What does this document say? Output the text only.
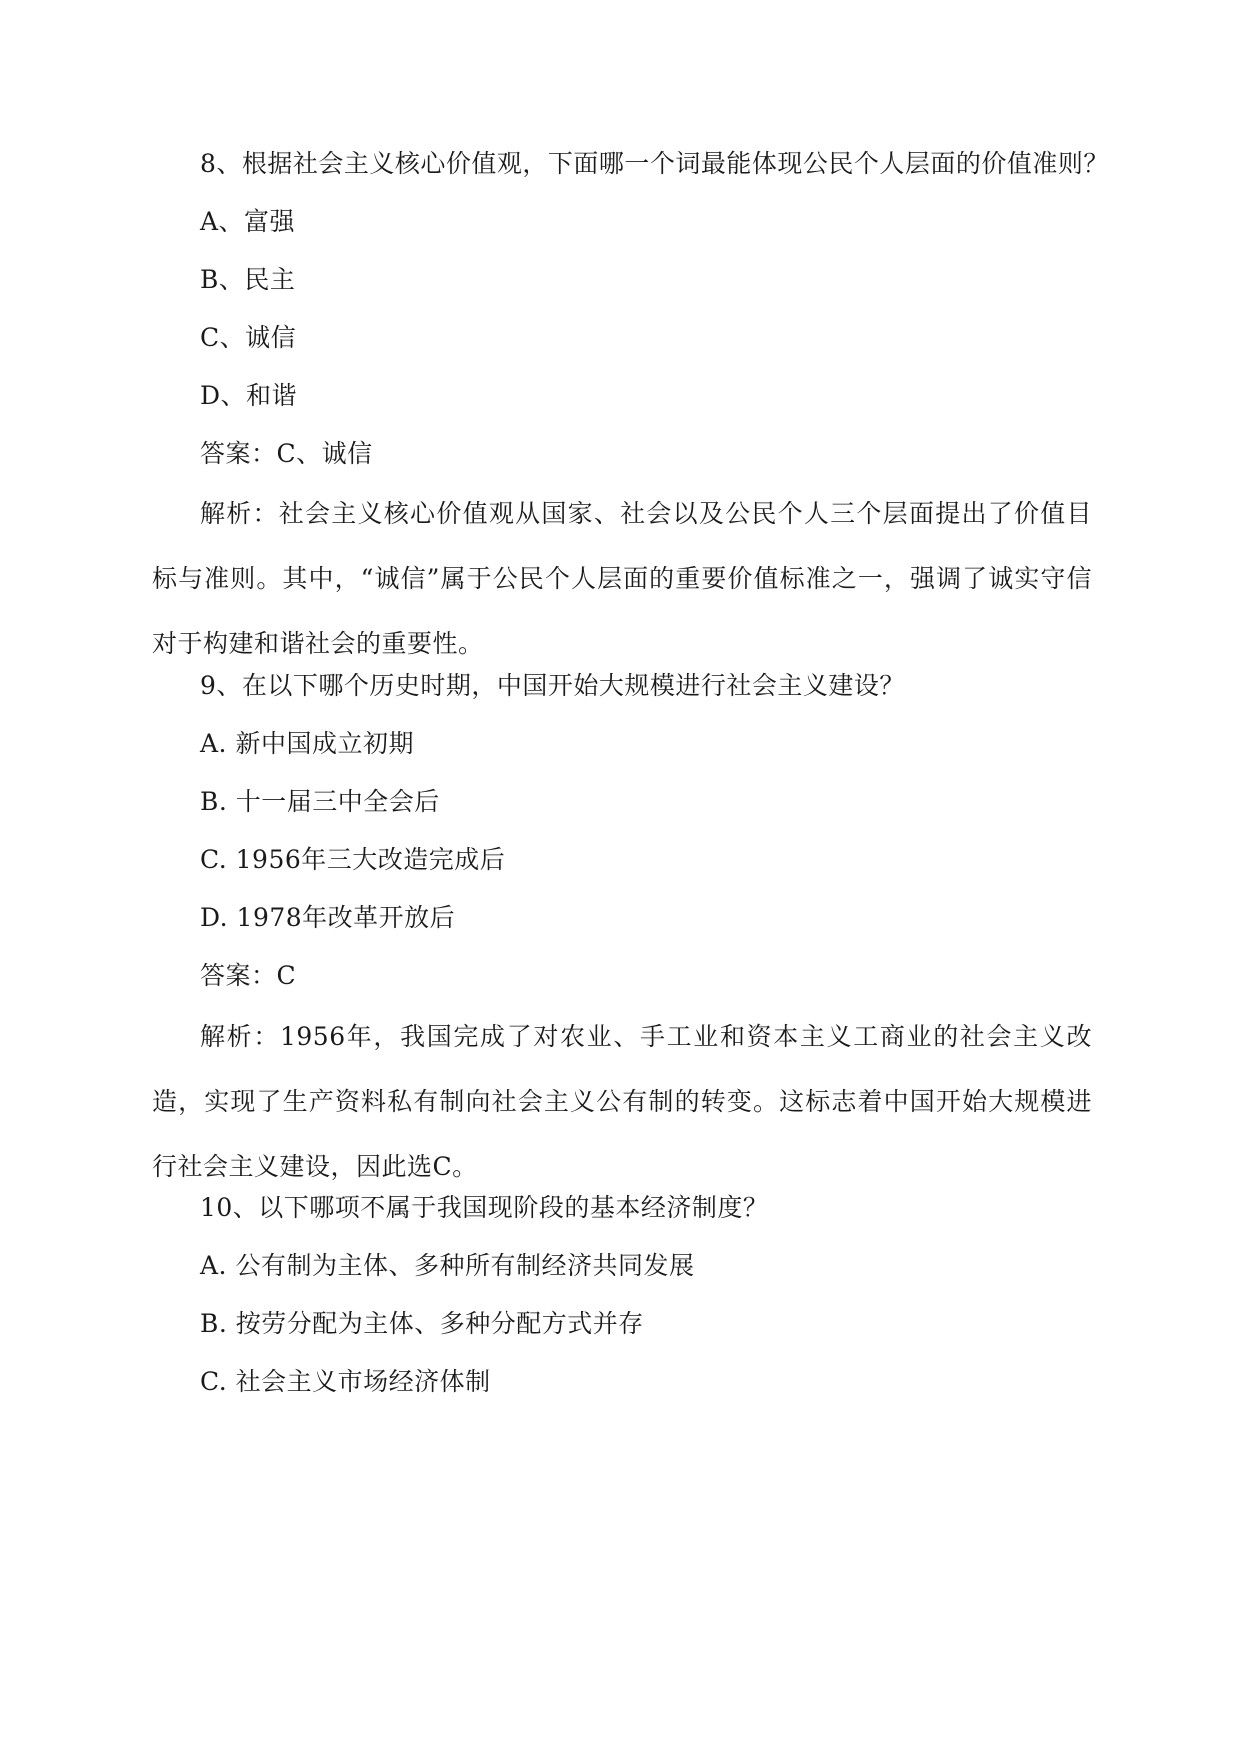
8、根据社会主义核心价值观，下面哪一个词最能体现公民个人层面的价值准则？

A、富强

B、民主

C、诚信

D、和谐

答案：C、诚信

解析：社会主义核心价值观从国家、社会以及公民个人三个层面提出了价值目标与准则。其中，“诚信”属于公民个人层面的重要价值标准之一，强调了诚实守信对于构建和谐社会的重要性。

9、在以下哪个历史时期，中国开始大规模进行社会主义建设？

A. 新中国成立初期

B. 十一届三中全会后

C. 1956年三大改造完成后

D. 1978年改革开放后

答案：C

解析：1956年，我国完成了对农业、手工业和资本主义工商业的社会主义改造，实现了生产资料私有制向社会主义公有制的转变。这标志着中国开始大规模进行社会主义建设，因此选C。

10、以下哪项不属于我国现阶段的基本经济制度？

A. 公有制为主体、多种所有制经济共同发展

B. 按劳分配为主体、多种分配方式并存

C. 社会主义市场经济体制
